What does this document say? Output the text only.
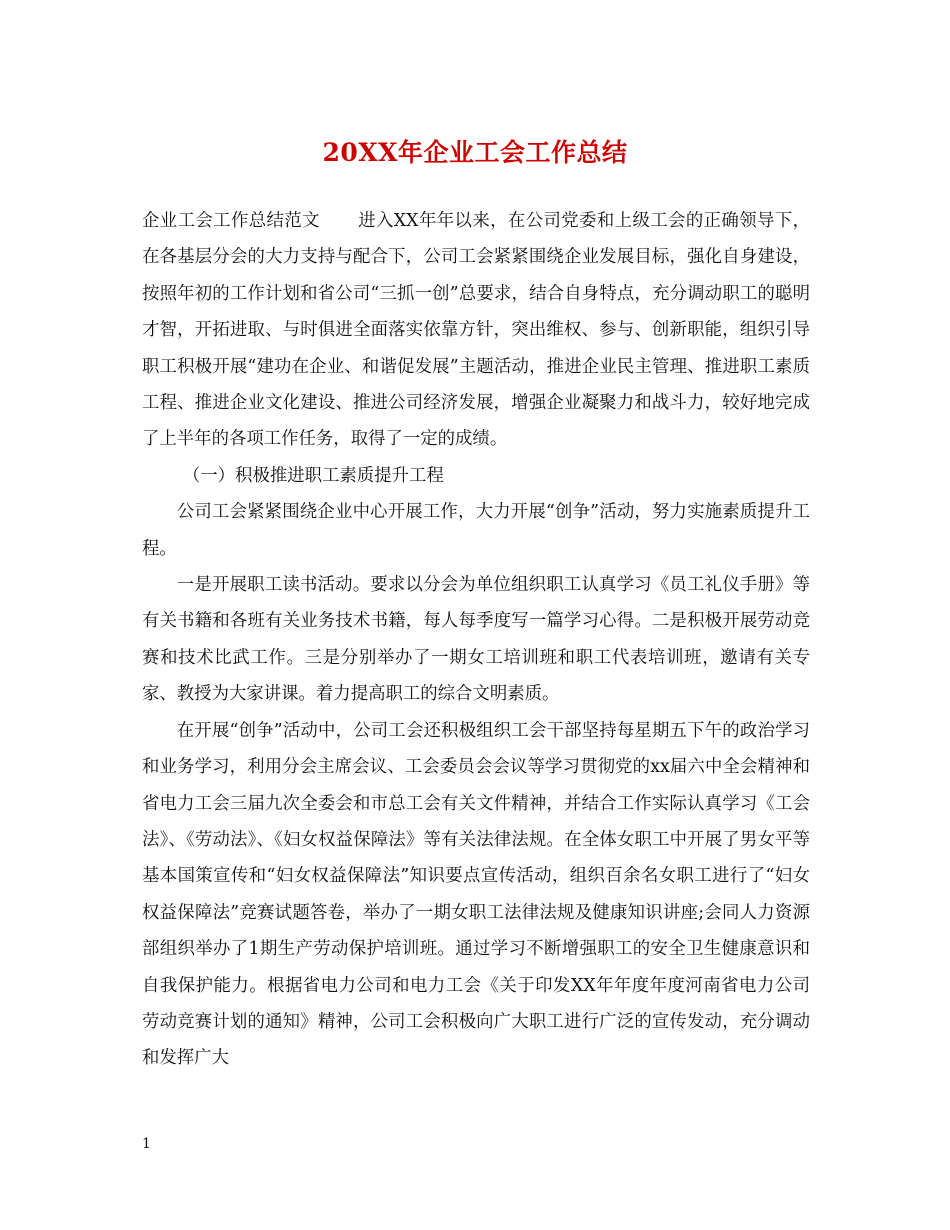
20XX年企业工会工作总结

企业工会工作总结范文 进入XX年年以来，在公司党委和上级工会的正确领导下，在各基层分会的大力支持与配合下，公司工会紧紧围绕企业发展目标，强化自身建设，按照年初的工作计划和省公司“三抓一创”总要求，结合自身特点，充分调动职工的聪明才智，开拓进取、与时俱进全面落实依靠方针，突出维权、参与、创新职能，组织引导职工积极开展“建功在企业、和谐促发展”主题活动，推进企业民主管理、推进职工素质工程、推进企业文化建设、推进公司经济发展，增强企业凝聚力和战斗力，较好地完成了上半年的各项工作任务，取得了一定的成绩。

（一）积极推进职工素质提升工程

公司工会紧紧围绕企业中心开展工作，大力开展“创争”活动，努力实施素质提升工程。

一是开展职工读书活动。要求以分会为单位组织职工认真学习《员工礼仪手册》等有关书籍和各班有关业务技术书籍，每人每季度写一篇学习心得。二是积极开展劳动竞赛和技术比武工作。三是分别举办了一期女工培训班和职工代表培训班，邀请有关专家、教授为大家讲课。着力提高职工的综合文明素质。

在开展“创争”活动中，公司工会还积极组织工会干部坚持每星期五下午的政治学习和业务学习，利用分会主席会议、工会委员会会议等学习贯彻党的xx届六中全会精神和省电力工会三届九次全委会和市总工会有关文件精神，并结合工作实际认真学习《工会法》、《劳动法》、《妇女权益保障法》等有关法律法规。在全体女职工中开展了男女平等基本国策宣传和“妇女权益保障法”知识要点宣传活动，组织百余名女职工进行了“妇女权益保障法”竞赛试题答卷，举办了一期女职工法律法规及健康知识讲座;会同人力资源部组织举办了1期生产劳动保护培训班。通过学习不断增强职工的安全卫生健康意识和自我保护能力。根据省电力公司和电力工会《关于印发XX年年度年度河南省电力公司劳动竞赛计划的通知》精神，公司工会积极向广大职工进行广泛的宣传发动，充分调动和发挥广大

1
